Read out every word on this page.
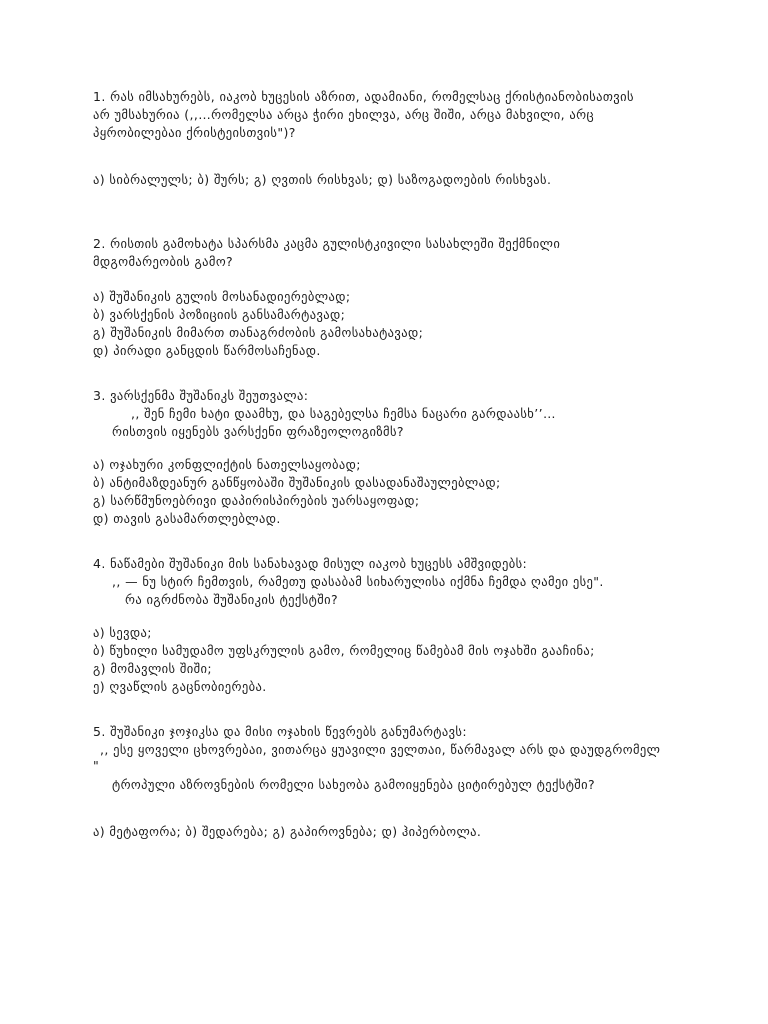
1. რას იმსახურებს, იაკობ ხუცესის აზრით, ადამიანი, რომელსაც ქრისტიანობისათვის
არ უმსახურია (,,…რომელსა არცა ჭირი ეხილვა, არც შიში, არცა მახვილი, არც
პყრობილებაი ქრისტეისთვის")?
ა) სიბრალულს; ბ) შურს; გ) ღვთის რისხვას; დ) საზოგადოების რისხვას.
2. რისთის გამოხატა სპარსმა კაცმა გულისტკივილი სასახლეში შექმნილი
მდგომარეობის გამო?
ა) შუშანიკის გულის მოსანადიერებლად;
ბ) ვარსქენის პოზიციის განსამარტავად;
გ) შუშანიკის მიმართ თანაგრძობის გამოსახატავად;
დ) პირადი განცდის წარმოსაჩენად.
3. ვარსქენმა შუშანიკს შეუთვალა:
,, შენ ჩემი ხატი დაამხუ, და საგებელსა ჩემსა ნაცარი გარდაასხ’’…
რისთვის იყენებს ვარსქენი ფრაზეოლოგიზმს?
ა) ოჯახური კონფლიქტის ნათელსაყობად;
ბ) ანტიმაზდეანურ განწყობაში შუშანიკის დასადანაშაულებლად;
გ) სარწმუნოებრივი დაპირისპირების უარსაყოფად;
დ) თავის გასამართლებლად.
4. ნაწამები შუშანიკი მის სანახავად მისულ იაკობ ხუცესს ამშვიდებს:
,, — ნუ სტირ ჩემთვის, რამეთუ დასაბამ სიხარულისა იქმნა ჩემდა ღამეი ესე".
რა იგრძნობა შუშანიკის ტექსტში?
ა) სევდა;
ბ) წუხილი სამუდამო უფსკრულის გამო, რომელიც წამებამ მის ოჯახში გააჩინა;
გ) მომავლის შიში;
ე) ღვაწლის გაცნობიერება.
5. შუშანიკი ჯოჯიკსა და მისი ოჯახის წევრებს განუმარტავს:
,, ესე ყოველი ცხოვრებაი, ვითარცა ყუავილი ველთაი, წარმავალ არს და დაუდგრომელ
"
ტროპული აზროვნების რომელი სახეობა გამოიყენება ციტირებულ ტექსტში?
ა) მეტაფორა; ბ) შედარება; გ) გაპიროვნება; დ) ჰიპერბოლა.
